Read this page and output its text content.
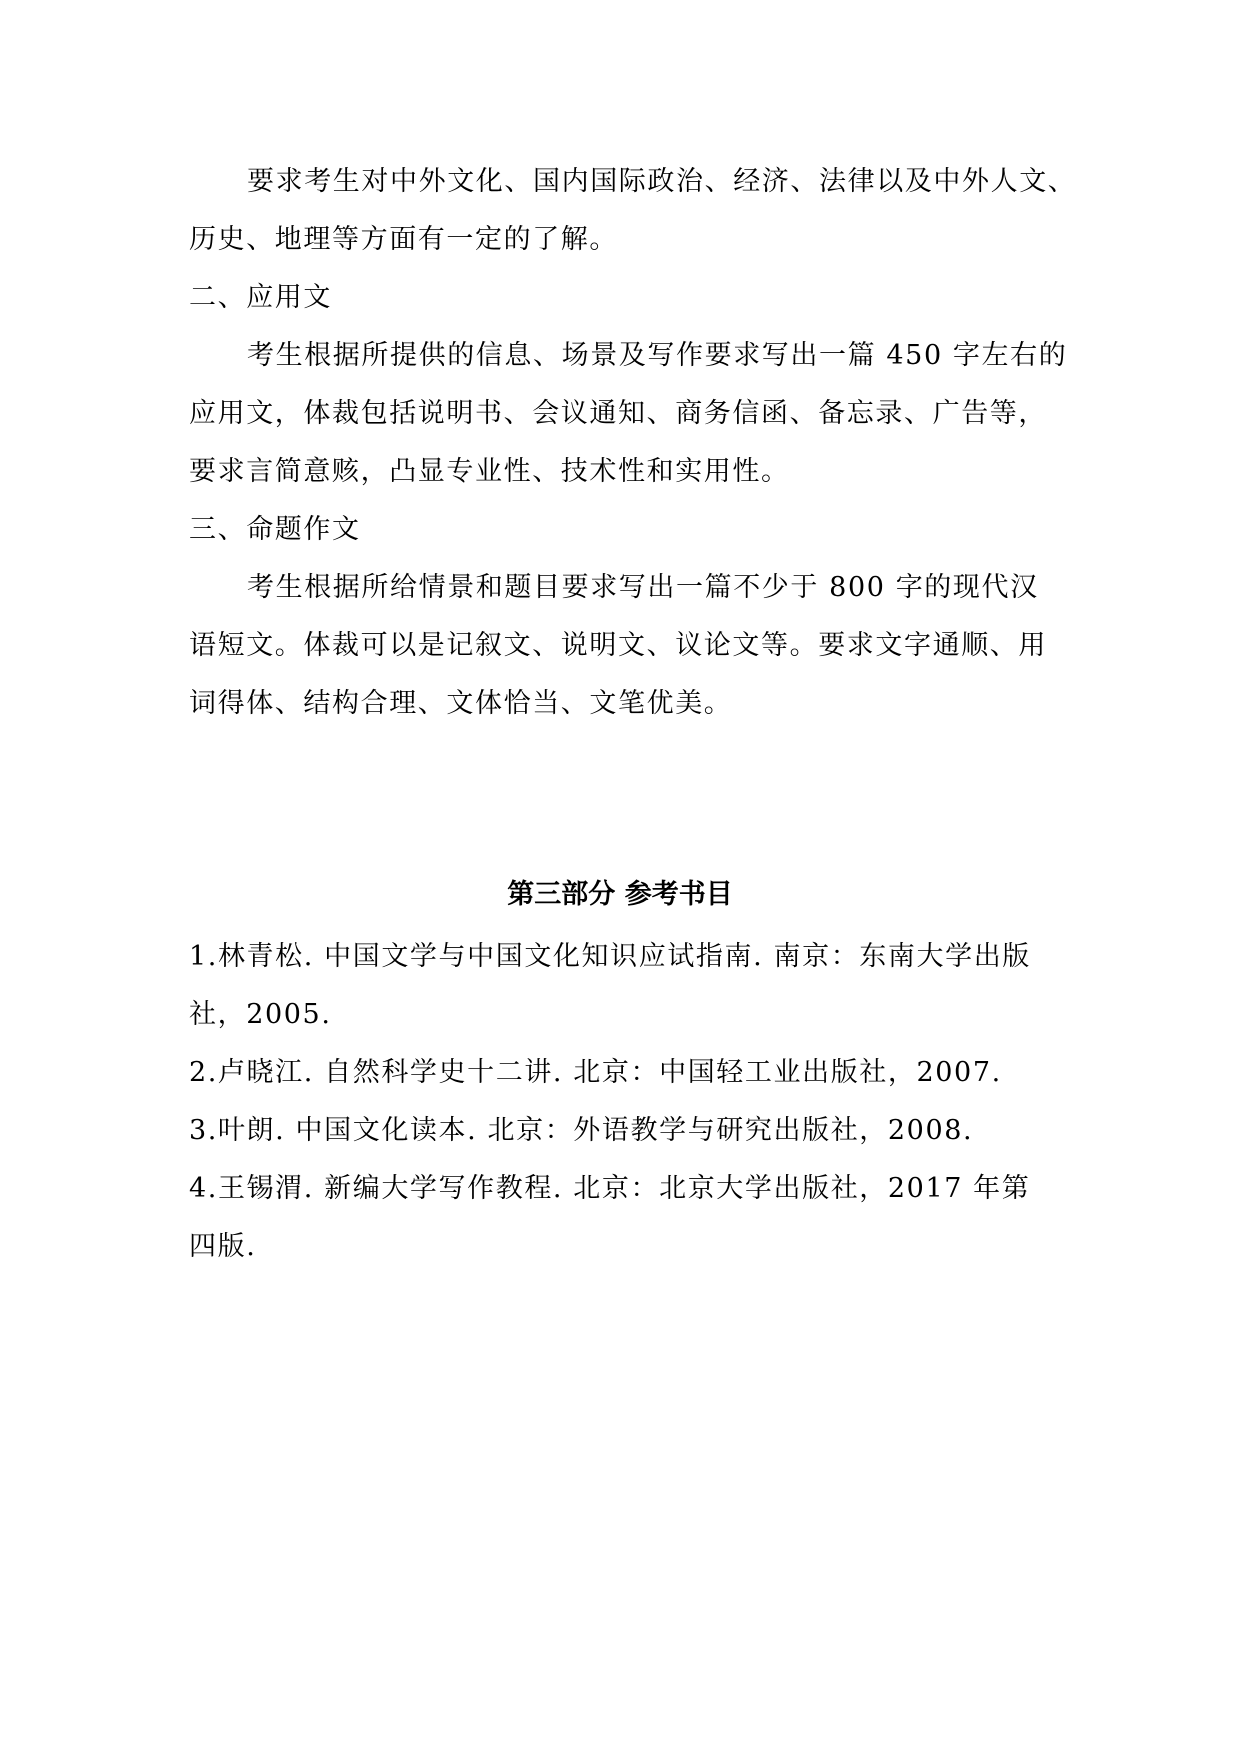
要求考生对中外文化、国内国际政治、经济、法律以及中外人文、
历史、地理等方面有一定的了解。
二、应用文
考生根据所提供的信息、场景及写作要求写出一篇 450 字左右的
应用文，体裁包括说明书、会议通知、商务信函、备忘录、广告等，
要求言简意赅，凸显专业性、技术性和实用性。
三、命题作文
考生根据所给情景和题目要求写出一篇不少于 800 字的现代汉
语短文。体裁可以是记叙文、说明文、议论文等。要求文字通顺、用
词得体、结构合理、文体恰当、文笔优美。
第三部分 参考书目
1.林青松. 中国文学与中国文化知识应试指南. 南京：东南大学出版
社，2005.
2.卢晓江. 自然科学史十二讲. 北京：中国轻工业出版社，2007.
3.叶朗. 中国文化读本. 北京：外语教学与研究出版社，2008.
4.王锡渭. 新编大学写作教程. 北京：北京大学出版社，2017 年第
四版.
